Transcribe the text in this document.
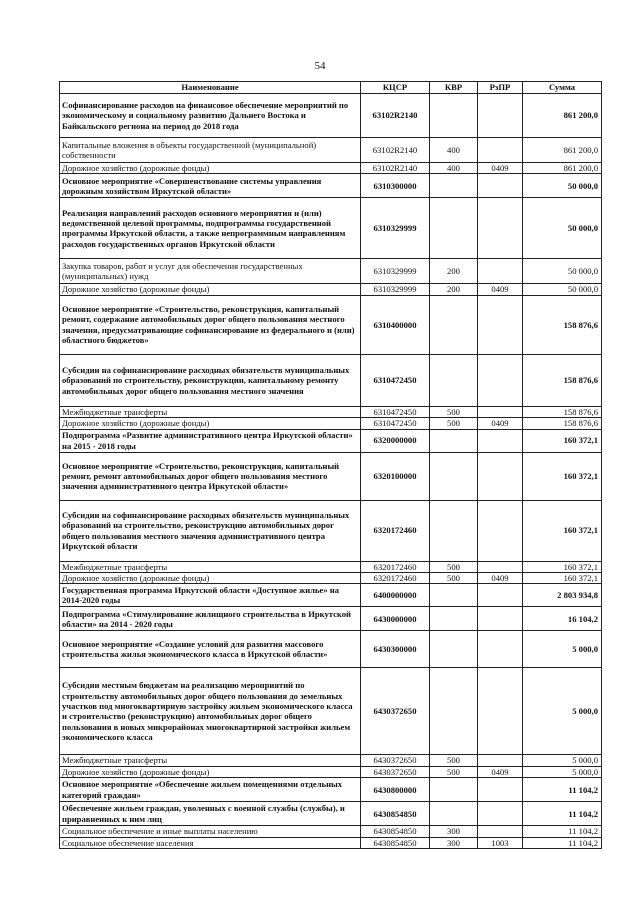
54
Наименование	КЦСР	КВР	РзПР	Сумма
Софинансирование расходов на финансовое обеспечение мероприятий по экономическому и социальному развитию Дальнего Востока и Байкальского региона на период до 2018 года	63102R2140			861 200,0
Капитальные вложения в объекты государственной (муниципальной) собственности	63102R2140	400		861 200,0
Дорожное хозяйство (дорожные фонды)	63102R2140	400	0409	861 200,0
Основное мероприятие «Совершенствование системы управления дорожным хозяйством Иркутской области»	6310300000			50 000,0
Реализация направлений расходов основного мероприятия и (или) ведомственной целевой программы, подпрограммы государственной программы Иркутской области, а также непрограммным направлениям расходов государственных органов Иркутской области	6310329999			50 000,0
Закупка товаров, работ и услуг для обеспечения государственных (муниципальных) нужд	6310329999	200		50 000,0
Дорожное хозяйство (дорожные фонды)	6310329999	200	0409	50 000,0
Основное мероприятие «Строительство, реконструкция, капитальный ремонт, содержание автомобильных дорог общего пользования местного значения, предусматривающие софинансирование из федерального и (или) областного бюджетов»	6310400000			158 876,6
Субсидии на софинансирование расходных обязательств муниципальных образований по строительству, реконструкции, капитальному ремонту автомобильных дорог общего пользования местного значения	6310472450			158 876,6
Межбюджетные трансферты	6310472450	500		158 876,6
Дорожное хозяйство (дорожные фонды)	6310472450	500	0409	158 876,6
Подпрограмма «Развитие административного центра Иркутской области» на 2015 - 2018 годы	6320000000			160 372,1
Основное мероприятие «Строительство, реконструкция, капитальный ремонт, ремонт автомобильных дорог общего пользования местного значения административного центра Иркутской области»	6320100000			160 372,1
Субсидии на софинансирование расходных обязательств муниципальных образований на строительство, реконструкцию автомобильных дорог общего пользования местного значения административного центра Иркутской области	6320172460			160 372,1
Межбюджетные трансферты	6320172460	500		160 372,1
Дорожное хозяйство (дорожные фонды)	6320172460	500	0409	160 372,1
Государственная программа Иркутской области «Доступное жилье» на 2014-2020 годы	6400000000			2 803 934,8
Подпрограмма «Стимулирование жилищного строительства в Иркутской области» на 2014 - 2020 годы	6430000000			16 104,2
Основное мероприятие «Создание условий для развития массового строительства жилья экономического класса в Иркутской области»	6430300000			5 000,0
Субсидии местным бюджетам на реализацию мероприятий по строительству автомобильных дорог общего пользования до земельных участков под многоквартирную застройку жильем экономического класса и строительство (реконструкцию) автомобильных дорог общего пользования в новых микрорайонах многоквартирной застройки жильем экономического класса	6430372650			5 000,0
Межбюджетные трансферты	6430372650	500		5 000,0
Дорожное хозяйство (дорожные фонды)	6430372650	500	0409	5 000,0
Основное мероприятие «Обеспечение жильем помещениями отдельных категорий граждан»	6430800000			11 104,2
Обеспечение жильем граждан, уволенных с военной службы (службы), и приравненных к ним лиц	6430854850			11 104,2
Социальное обеспечение и иные выплаты населению	6430854850	300		11 104,2
Социальное обеспечение населения	6430854850	300	1003	11 104,2
